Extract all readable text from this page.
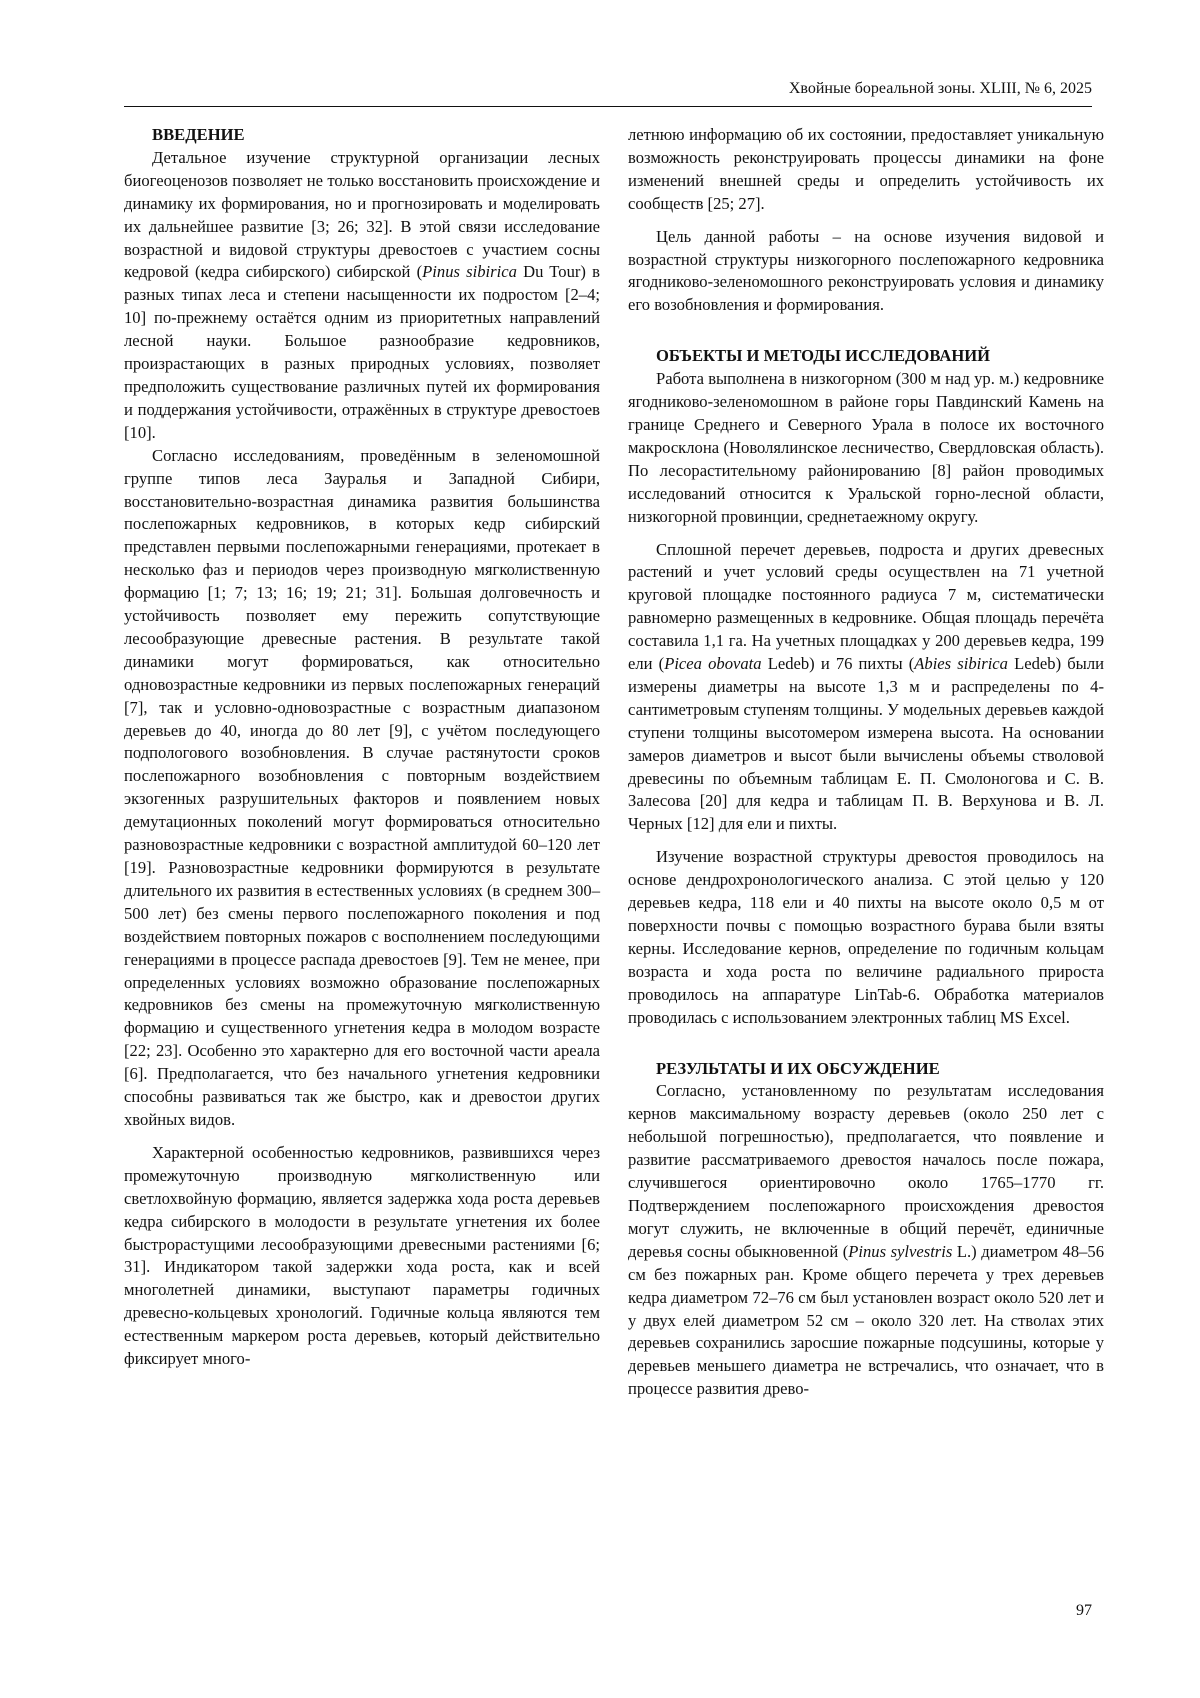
Хвойные бореальной зоны. XLIII, № 6, 2025
ВВЕДЕНИЕ

Детальное изучение структурной организации лесных биогеоценозов позволяет не только восстановить происхождение и динамику их формирования, но и прогнозировать и моделировать их дальнейшее развитие [3; 26; 32]. В этой связи исследование возрастной и видовой структуры древостоев с участием сосны кедровой (кедра сибирского) сибирской (Pinus sibirica Du Tour) в разных типах леса и степени насыщенности их подростом [2–4; 10] по-прежнему остаётся одним из приоритетных направлений лесной науки. Большое разнообразие кедровников, произрастающих в разных природных условиях, позволяет предположить существование различных путей их формирования и поддержания устойчивости, отражённых в структуре древостоев [10].

Согласно исследованиям, проведённым в зеленомошной группе типов леса Зауралья и Западной Сибири, восстановительно-возрастная динамика развития большинства послепожарных кедровников, в которых кедр сибирский представлен первыми послепожарными генерациями, протекает в несколько фаз и периодов через производную мягколиственную формацию [1; 7; 13; 16; 19; 21; 31]. Большая долговечность и устойчивость позволяет ему пережить сопутствующие лесообразующие древесные растения. В результате такой динамики могут формироваться, как относительно одновозрастные кедровники из первых послепожарных генераций [7], так и условно-одновозрастные с возрастным диапазоном деревьев до 40, иногда до 80 лет [9], с учётом последующего подпологового возобновления. В случае растянутости сроков послепожарного возобновления с повторным воздействием экзогенных разрушительных факторов и появлением новых демутационных поколений могут формироваться относительно разновозрастные кедровники с возрастной амплитудой 60–120 лет [19]. Разновозрастные кедровники формируются в результате длительного их развития в естественных условиях (в среднем 300–500 лет) без смены первого послепожарного поколения и под воздействием повторных пожаров с восполнением последующими генерациями в процессе распада древостоев [9]. Тем не менее, при определенных условиях возможно образование послепожарных кедровников без смены на промежуточную мягколиственную формацию и существенного угнетения кедра в молодом возрасте [22; 23]. Особенно это характерно для его восточной части ареала [6]. Предполагается, что без начального угнетения кедровники способны развиваться так же быстро, как и древостои других хвойных видов.

Характерной особенностью кедровников, развившихся через промежуточную производную мягколиственную или светлохвойную формацию, является задержка хода роста деревьев кедра сибирского в молодости в результате угнетения их более быстрорастущими лесообразующими древесными растениями [6; 31]. Индикатором такой задержки хода роста, как и всей многолетней динамики, выступают параметры годичных древесно-кольцевых хронологий. Годичные кольца являются тем естественным маркером роста деревьев, который действительно фиксирует много-

летнюю информацию об их состоянии, предоставляет уникальную возможность реконструировать процессы динамики на фоне изменений внешней среды и определить устойчивость их сообществ [25; 27].

Цель данной работы – на основе изучения видовой и возрастной структуры низкогорного послепожарного кедровника ягодниково-зеленомошного реконструировать условия и динамику его возобновления и формирования.

ОБЪЕКТЫ И МЕТОДЫ ИССЛЕДОВАНИЙ

Работа выполнена в низкогорном (300 м над ур. м.) кедровнике ягодниково-зеленомошном в районе горы Павдинский Камень на границе Среднего и Северного Урала в полосе их восточного макросклона (Новолялинское лесничество, Свердловская область). По лесорастительному районированию [8] район проводимых исследований относится к Уральской горно-лесной области, низкогорной провинции, среднетаежному округу.

Сплошной перечет деревьев, подроста и других древесных растений и учет условий среды осуществлен на 71 учетной круговой площадке постоянного радиуса 7 м, систематически равномерно размещенных в кедровнике. Общая площадь перечёта составила 1,1 га. На учетных площадках у 200 деревьев кедра, 199 ели (Picea obovata Ledeb) и 76 пихты (Abies sibirica Ledeb) были измерены диаметры на высоте 1,3 м и распределены по 4-сантиметровым ступеням толщины. У модельных деревьев каждой ступени толщины высотомером измерена высота. На основании замеров диаметров и высот были вычислены объемы стволовой древесины по объемным таблицам Е. П. Смолоногова и С. В. Залесова [20] для кедра и таблицам П. В. Верхунова и В. Л. Черных [12] для ели и пихты.

Изучение возрастной структуры древостоя проводилось на основе дендрохронологического анализа. С этой целью у 120 деревьев кедра, 118 ели и 40 пихты на высоте около 0,5 м от поверхности почвы с помощью возрастного бурава были взяты керны. Исследование кернов, определение по годичным кольцам возраста и хода роста по величине радиального прироста проводилось на аппаратуре LinTab-6. Обработка материалов проводилась с использованием электронных таблиц MS Excel.

РЕЗУЛЬТАТЫ И ИХ ОБСУЖДЕНИЕ

Согласно, установленному по результатам исследования кернов максимальному возрасту деревьев (около 250 лет с небольшой погрешностью), предполагается, что появление и развитие рассматриваемого древостоя началось после пожара, случившегося ориентировочно около 1765–1770 гг. Подтверждением послепожарного происхождения древостоя могут служить, не включенные в общий перечёт, единичные деревья сосны обыкновенной (Pinus sylvestris L.) диаметром 48–56 см без пожарных ран. Кроме общего перечета у трех деревьев кедра диаметром 72–76 см был установлен возраст около 520 лет и у двух елей диаметром 52 см – около 320 лет. На стволах этих деревьев сохранились заросшие пожарные подсушины, которые у деревьев меньшего диаметра не встречались, что означает, что в процессе развития древо-

97
